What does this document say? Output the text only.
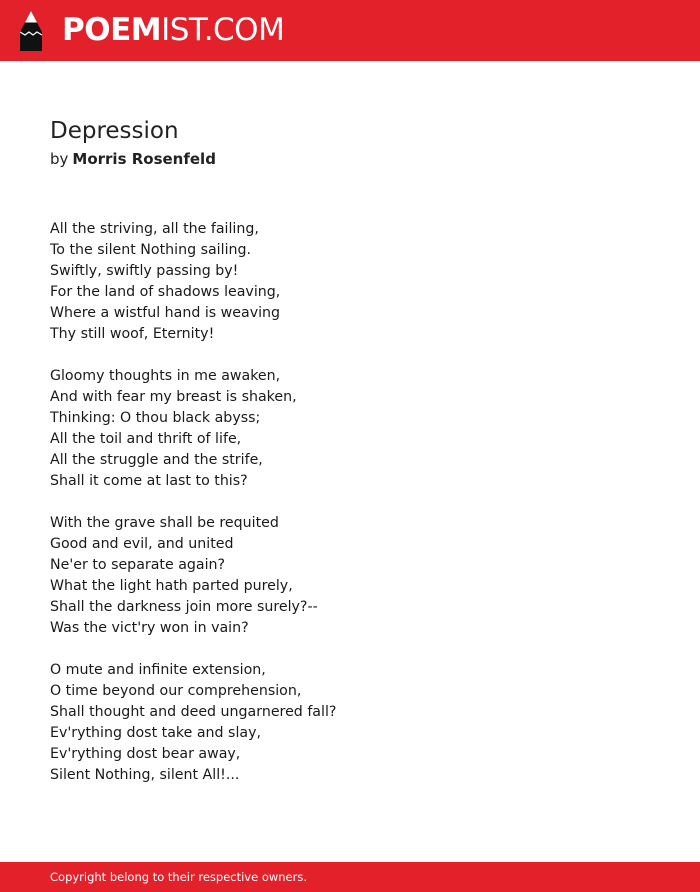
POEMIST.COM
Depression
by Morris Rosenfeld
All the striving, all the failing,
To the silent Nothing sailing.
Swiftly, swiftly passing by!
For the land of shadows leaving,
Where a wistful hand is weaving
Thy still woof, Eternity!
Gloomy thoughts in me awaken,
And with fear my breast is shaken,
Thinking: O thou black abyss;
All the toil and thrift of life,
All the struggle and the strife,
Shall it come at last to this?
With the grave shall be requited
Good and evil, and united
Ne'er to separate again?
What the light hath parted purely,
Shall the darkness join more surely?--
Was the vict'ry won in vain?
O mute and infinite extension,
O time beyond our comprehension,
Shall thought and deed ungarnered fall?
Ev'rything dost take and slay,
Ev'rything dost bear away,
Silent Nothing, silent All!...
Copyright belong to their respective owners.
